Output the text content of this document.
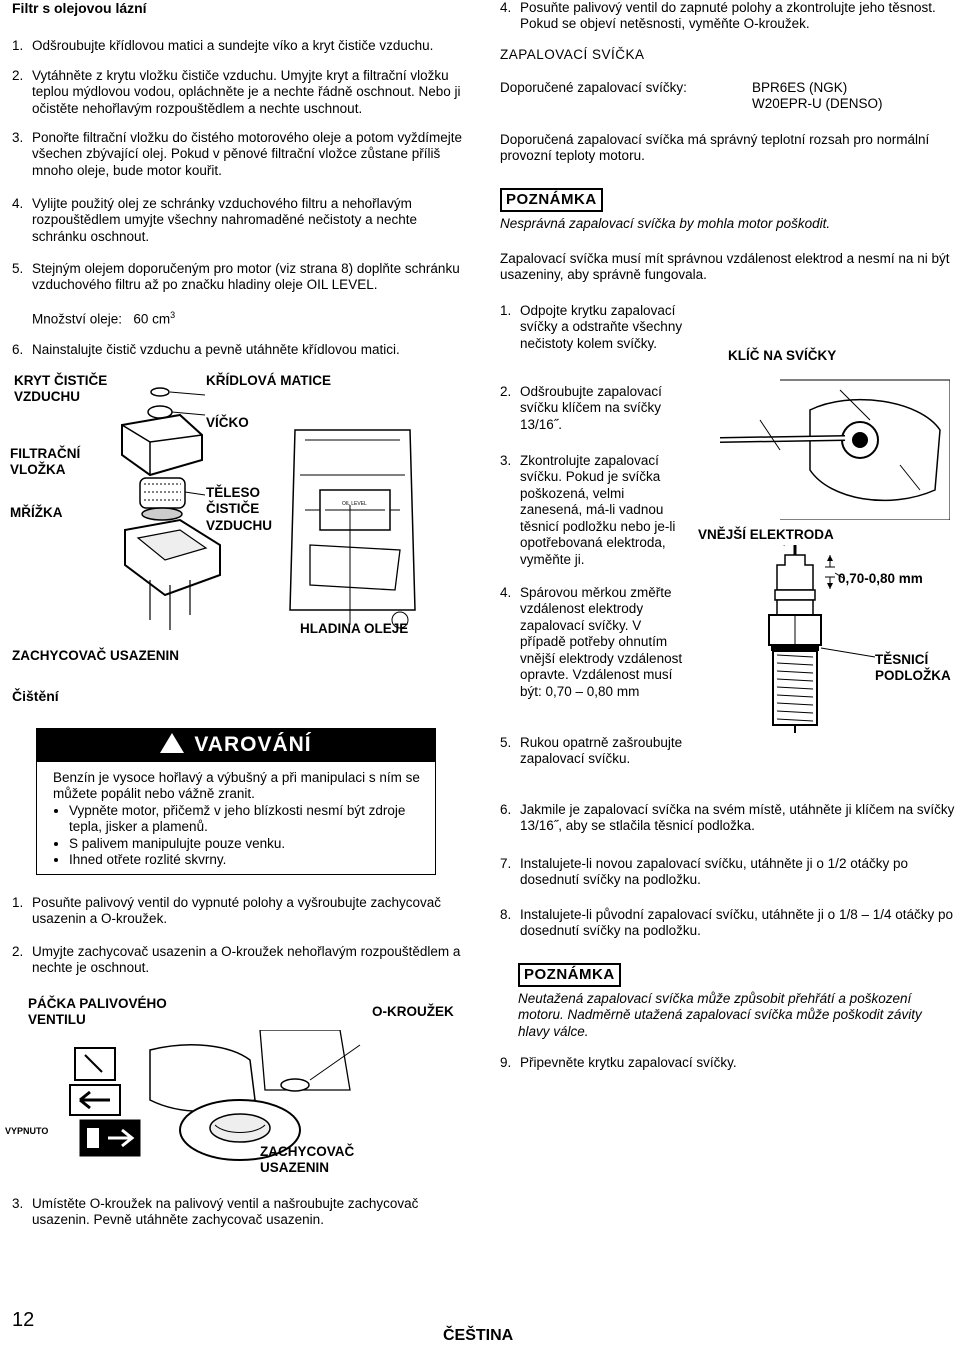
Filtr s olejovou lázní
1. Odšroubujte křídlovou matici a sundejte víko a kryt čističe vzduchu.
2. Vytáhněte z krytu vložku čističe vzduchu. Umyjte kryt a filtrační vložku teplou mýdlovou vodou, opláchněte je a nechte řádně oschnout. Nebo ji očistěte nehořlavým rozpouštědlem a nechte uschnout.
3. Ponořte filtrační vložku do čistého motorového oleje a potom vyždímejte všechen zbývající olej. Pokud v pěnové filtrační vložce zůstane příliš mnoho oleje, bude motor kouřit.
4. Vylijte použitý olej ze schránky vzduchového filtru a nehořlavým rozpouštědlem umyjte všechny nahromaděné nečistoty a nechte schránku oschnout.
5. Stejným olejem doporučeným pro motor (viz strana 8) doplňte schránku vzduchového filtru až po značku hladiny oleje OIL LEVEL.
Množství oleje: 60 $cm^3$
6. Nainstalujte čistič vzduchu a pevně utáhněte křídlovou matici.
OIL LEVEL
KRYT ČISTIČE VZDUCHU
KŘÍDLOVÁ MATICE
VÍČKO
FILTRAČNÍ VLOŽKA
TĚLESO ČISTIČE VZDUCHU
MŘÍŽKA
HLADINA OLEJE
ZACHYCOVAČ USAZENIN
Čištění
VAROVÁNÍ
Benzín je vysoce hořlavý a výbušný a při manipulaci s ním se můžete popálit nebo vážně zranit.
• Vypněte motor, přičemž v jeho blízkosti nesmí být zdroje tepla, jisker a plamenů.
• S palivem manipulujte pouze venku.
• Ihned otřete rozlité skvrny.
1. Posuňte palivový ventil do vypnuté polohy a vyšroubujte zachycovač usazenin a O-kroužek.
2. Umyjte zachycovač usazenin a O-kroužek nehořlavým rozpouštědlem a nechte je oschnout.
PÁČKA PALIVOVÉHO VENTILU
O-KROUŽEK
VYPNUTO
ZACHYCOVAČ USAZENIN
3. Umístěte O-kroužek na palivový ventil a našroubujte zachycovač usazenin. Pevně utáhněte zachycovač usazenin.
4. Posuňte palivový ventil do zapnuté polohy a zkontrolujte jeho těsnost. Pokud se objeví netěsnosti, vyměňte O-kroužek.
ZAPALOVACÍ SVÍČKA
Doporučené zapalovací svíčky:	BPR6ES (NGK)
W20EPR-U (DENSO)
Doporučená zapalovací svíčka má správný teplotní rozsah pro normální provozní teploty motoru.
POZNÁMKA
Nesprávná zapalovací svíčka by mohla motor poškodit.
Zapalovací svíčka musí mít správnou vzdálenost elektrod a nesmí na ni být usazeniny, aby správně fungovala.
1. Odpojte krytku zapalovací svíčky a odstraňte všechny nečistoty kolem svíčky.
2. Odšroubujte zapalovací svíčku klíčem na svíčky 13/16˝.
3. Zkontrolujte zapalovací svíčku. Pokud je svíčka poškozená, velmi zanesená, má-li vadnou těsnicí podložku nebo je-li opotřebovaná elektroda, vyměňte ji.
4. Spárovou měrkou změřte vzdálenost elektrody zapalovací svíčky. V případě potřeby ohnutím vnější elektrody vzdálenost opravte. Vzdálenost musí být: 0,70 – 0,80 mm
5. Rukou opatrně zašroubujte zapalovací svíčku.
KLÍČ NA SVÍČKY
VNĚJŠÍ ELEKTRODA
0,70-0,80 mm
TĚSNICÍ PODLOŽKA
6. Jakmile je zapalovací svíčka na svém místě, utáhněte ji klíčem na svíčky 13/16˝, aby se stlačila těsnicí podložka.
7. Instalujete-li novou zapalovací svíčku, utáhněte ji o 1/2 otáčky po dosednutí svíčky na podložku.
8. Instalujete-li původní zapalovací svíčku, utáhněte ji o 1/8 – 1/4 otáčky po dosednutí svíčky na podložku.
POZNÁMKA
Neutažená zapalovací svíčka může způsobit přehřátí a poškození motoru. Nadměrně utažená zapalovací svíčka může poškodit závity hlavy válce.
9. Připevněte krytku zapalovací svíčky.
12
ČEŠTINA
